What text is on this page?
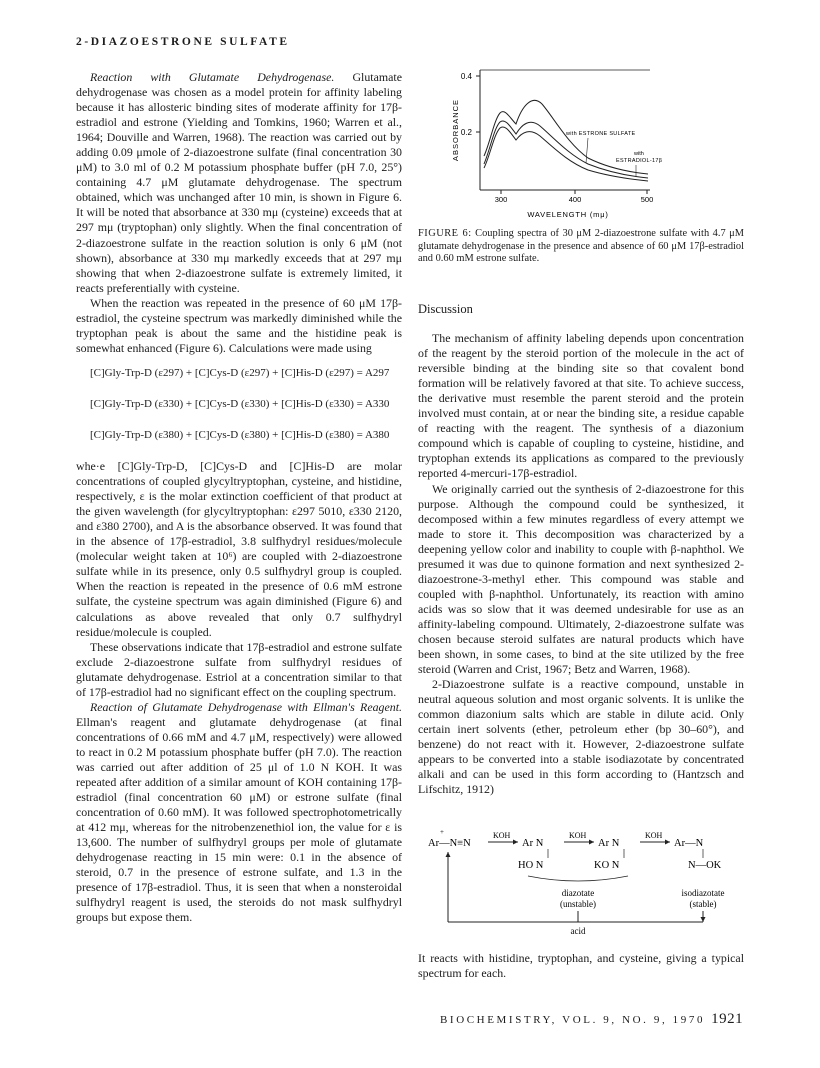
2-DIAZOESTRONE SULFATE

Reaction with Glutamate Dehydrogenase. Glutamate dehydrogenase was chosen as a model protein for affinity labeling because it has allosteric binding sites of moderate affinity for 17β-estradiol and estrone (Yielding and Tomkins, 1960; Warren et al., 1964; Douville and Warren, 1968). The reaction was carried out by adding 0.09 μmole of 2-diazoestrone sulfate (final concentration 30 μM) to 3.0 ml of 0.2 M potassium phosphate buffer (pH 7.0, 25°) containing 4.7 μM glutamate dehydrogenase. The spectrum obtained, which was unchanged after 10 min, is shown in Figure 6. It will be noted that absorbance at 330 mμ (cysteine) exceeds that at 297 mμ (tryptophan) only slightly. When the final concentration of 2-diazoestrone sulfate in the reaction solution is only 6 μM (not shown), absorbance at 330 mμ markedly exceeds that at 297 mμ showing that when 2-diazoestrone sulfate is extremely limited, it reacts preferentially with cysteine.

When the reaction was repeated in the presence of 60 μM 17β-estradiol, the cysteine spectrum was markedly diminished while the tryptophan peak is about the same and the histidine peak is somewhat enhanced (Figure 6). Calculations were made using

[C]Gly-Trp-D (ε297) + [C]Cys-D (ε297) + [C]His-D (ε297) = A297
[C]Gly-Trp-D (ε330) + [C]Cys-D (ε330) + [C]His-D (ε330) = A330
[C]Gly-Trp-D (ε380) + [C]Cys-D (ε380) + [C]His-D (ε380) = A380

whe·e [C]Gly-Trp-D, [C]Cys-D and [C]His-D are molar concentrations of coupled glycyltryptophan, cysteine, and histidine, respectively, ε is the molar extinction coefficient of that product at the given wavelength (for glycyltryptophan: ε297 5010, ε330 2120, and ε380 2700), and A is the absorbance observed. It was found that in the absence of 17β-estradiol, 3.8 sulfhydryl residues/molecule (molecular weight taken at 10⁶) are coupled with 2-diazoestrone sulfate while in its presence, only 0.5 sulfhydryl group is coupled. When the reaction is repeated in the presence of 0.6 mM estrone sulfate, the cysteine spectrum was again diminished (Figure 6) and calculations as above revealed that only 0.7 sulfhydryl residue/molecule is coupled.

These observations indicate that 17β-estradiol and estrone sulfate exclude 2-diazoestrone sulfate from sulfhydryl residues of glutamate dehydrogenase. Estriol at a concentration similar to that of 17β-estradiol had no significant effect on the coupling spectrum.

Reaction of Glutamate Dehydrogenase with Ellman's Reagent. Ellman's reagent and glutamate dehydrogenase (at final concentrations of 0.66 mM and 4.7 μM, respectively) were allowed to react in 0.2 M potassium phosphate buffer (pH 7.0). The reaction was carried out after addition of 25 μl of 1.0 N KOH. It was repeated after addition of a similar amount of KOH containing 17β-estradiol (final concentration 60 μM) or estrone sulfate (final concentration of 0.60 mM). It was followed spectrophotometrically at 412 mμ, whereas for the nitrobenzenethiol ion, the value for ε is 13,600. The number of sulfhydryl groups per mole of glutamate dehydrogenase reacting in 15 min were: 0.1 in the absence of steroid, 0.7 in the presence of estrone sulfate, and 1.3 in the presence of 17β-estradiol. Thus, it is seen that when a nonsteroidal sulfhydryl reagent is used, the steroids do not mask sulfhydryl groups but expose them.

0.4
0.2
ABSORBANCE
300	400	500
WAVELENGTH (mμ)
with ESTRONE SULFATE
with
ESTRADIOL-17β
FIGURE 6: Coupling spectra of 30 μM 2-diazoestrone sulfate with 4.7 μM glutamate dehydrogenase in the presence and absence of 60 μM 17β-estradiol and 0.60 mM estrone sulfate.
Discussion

The mechanism of affinity labeling depends upon concentration of the reagent by the steroid portion of the molecule in the act of reversible binding at the binding site so that covalent bond formation will be relatively favored at that site. To achieve success, the derivative must resemble the parent steroid and the protein involved must contain, at or near the binding site, a residue capable of reacting with the reagent. The synthesis of a diazonium compound which is capable of coupling to cysteine, histidine, and tryptophan extends its applications as compared to the previously reported 4-mercuri-17β-estradiol.

We originally carried out the synthesis of 2-diazoestrone for this purpose. Although the compound could be synthesized, it decomposed within a few minutes regardless of every attempt we made to store it. This decomposition was characterized by a deepening yellow color and inability to couple with β-naphthol. We presumed it was due to quinone formation and next synthesized 2-diazoestrone-3-methyl ether. This compound was stable and coupled with β-naphthol. Unfortunately, its reaction with amino acids was so slow that it was deemed undesirable for use as an affinity-labeling compound. Ultimately, 2-diazoestrone sulfate was chosen because steroid sulfates are natural products which have been shown, in some cases, to bind at the site utilized by the free steroid (Warren and Crist, 1967; Betz and Warren, 1968).

2-Diazoestrone sulfate is a reactive compound, unstable in neutral aqueous solution and most organic solvents. It is unlike the common diazonium salts which are stable in dilute acid. Only certain inert solvents (ether, petroleum ether (bp 30–60°), and benzene) do not react with it. However, 2-diazoestrone sulfate appears to be converted into a stable isodiazotate by concentrated alkali and can be used in this form according to (Hantzsch and Lifschitz, 1912)

+
Ar—N≡N
KOH
Ar N
HO N
KOH
Ar N
KO N
KOH
Ar—N
N—OK
diazotate
(unstable)
isodiazotate
(stable)
acid
It reacts with histidine, tryptophan, and cysteine, giving a typical spectrum for each.
BIOCHEMISTRY, VOL. 9, NO. 9, 1970 1921
